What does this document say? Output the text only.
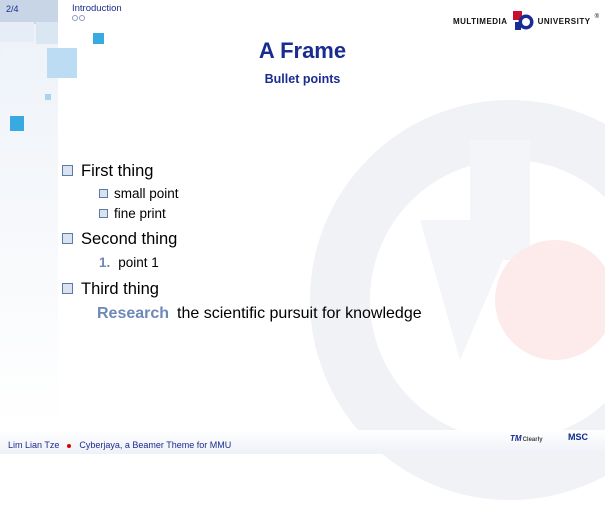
2/4	Introduction
MULTIMEDIA	UNIVERSITY ®
A Frame
Bullet points
First thing
small point
fine print
Second thing
1. point 1
Third thing
Research the scientific pursuit for knowledge
Lim Lian Tze Cyberjaya, a Beamer Theme for MMU
TMClearly	MSC
